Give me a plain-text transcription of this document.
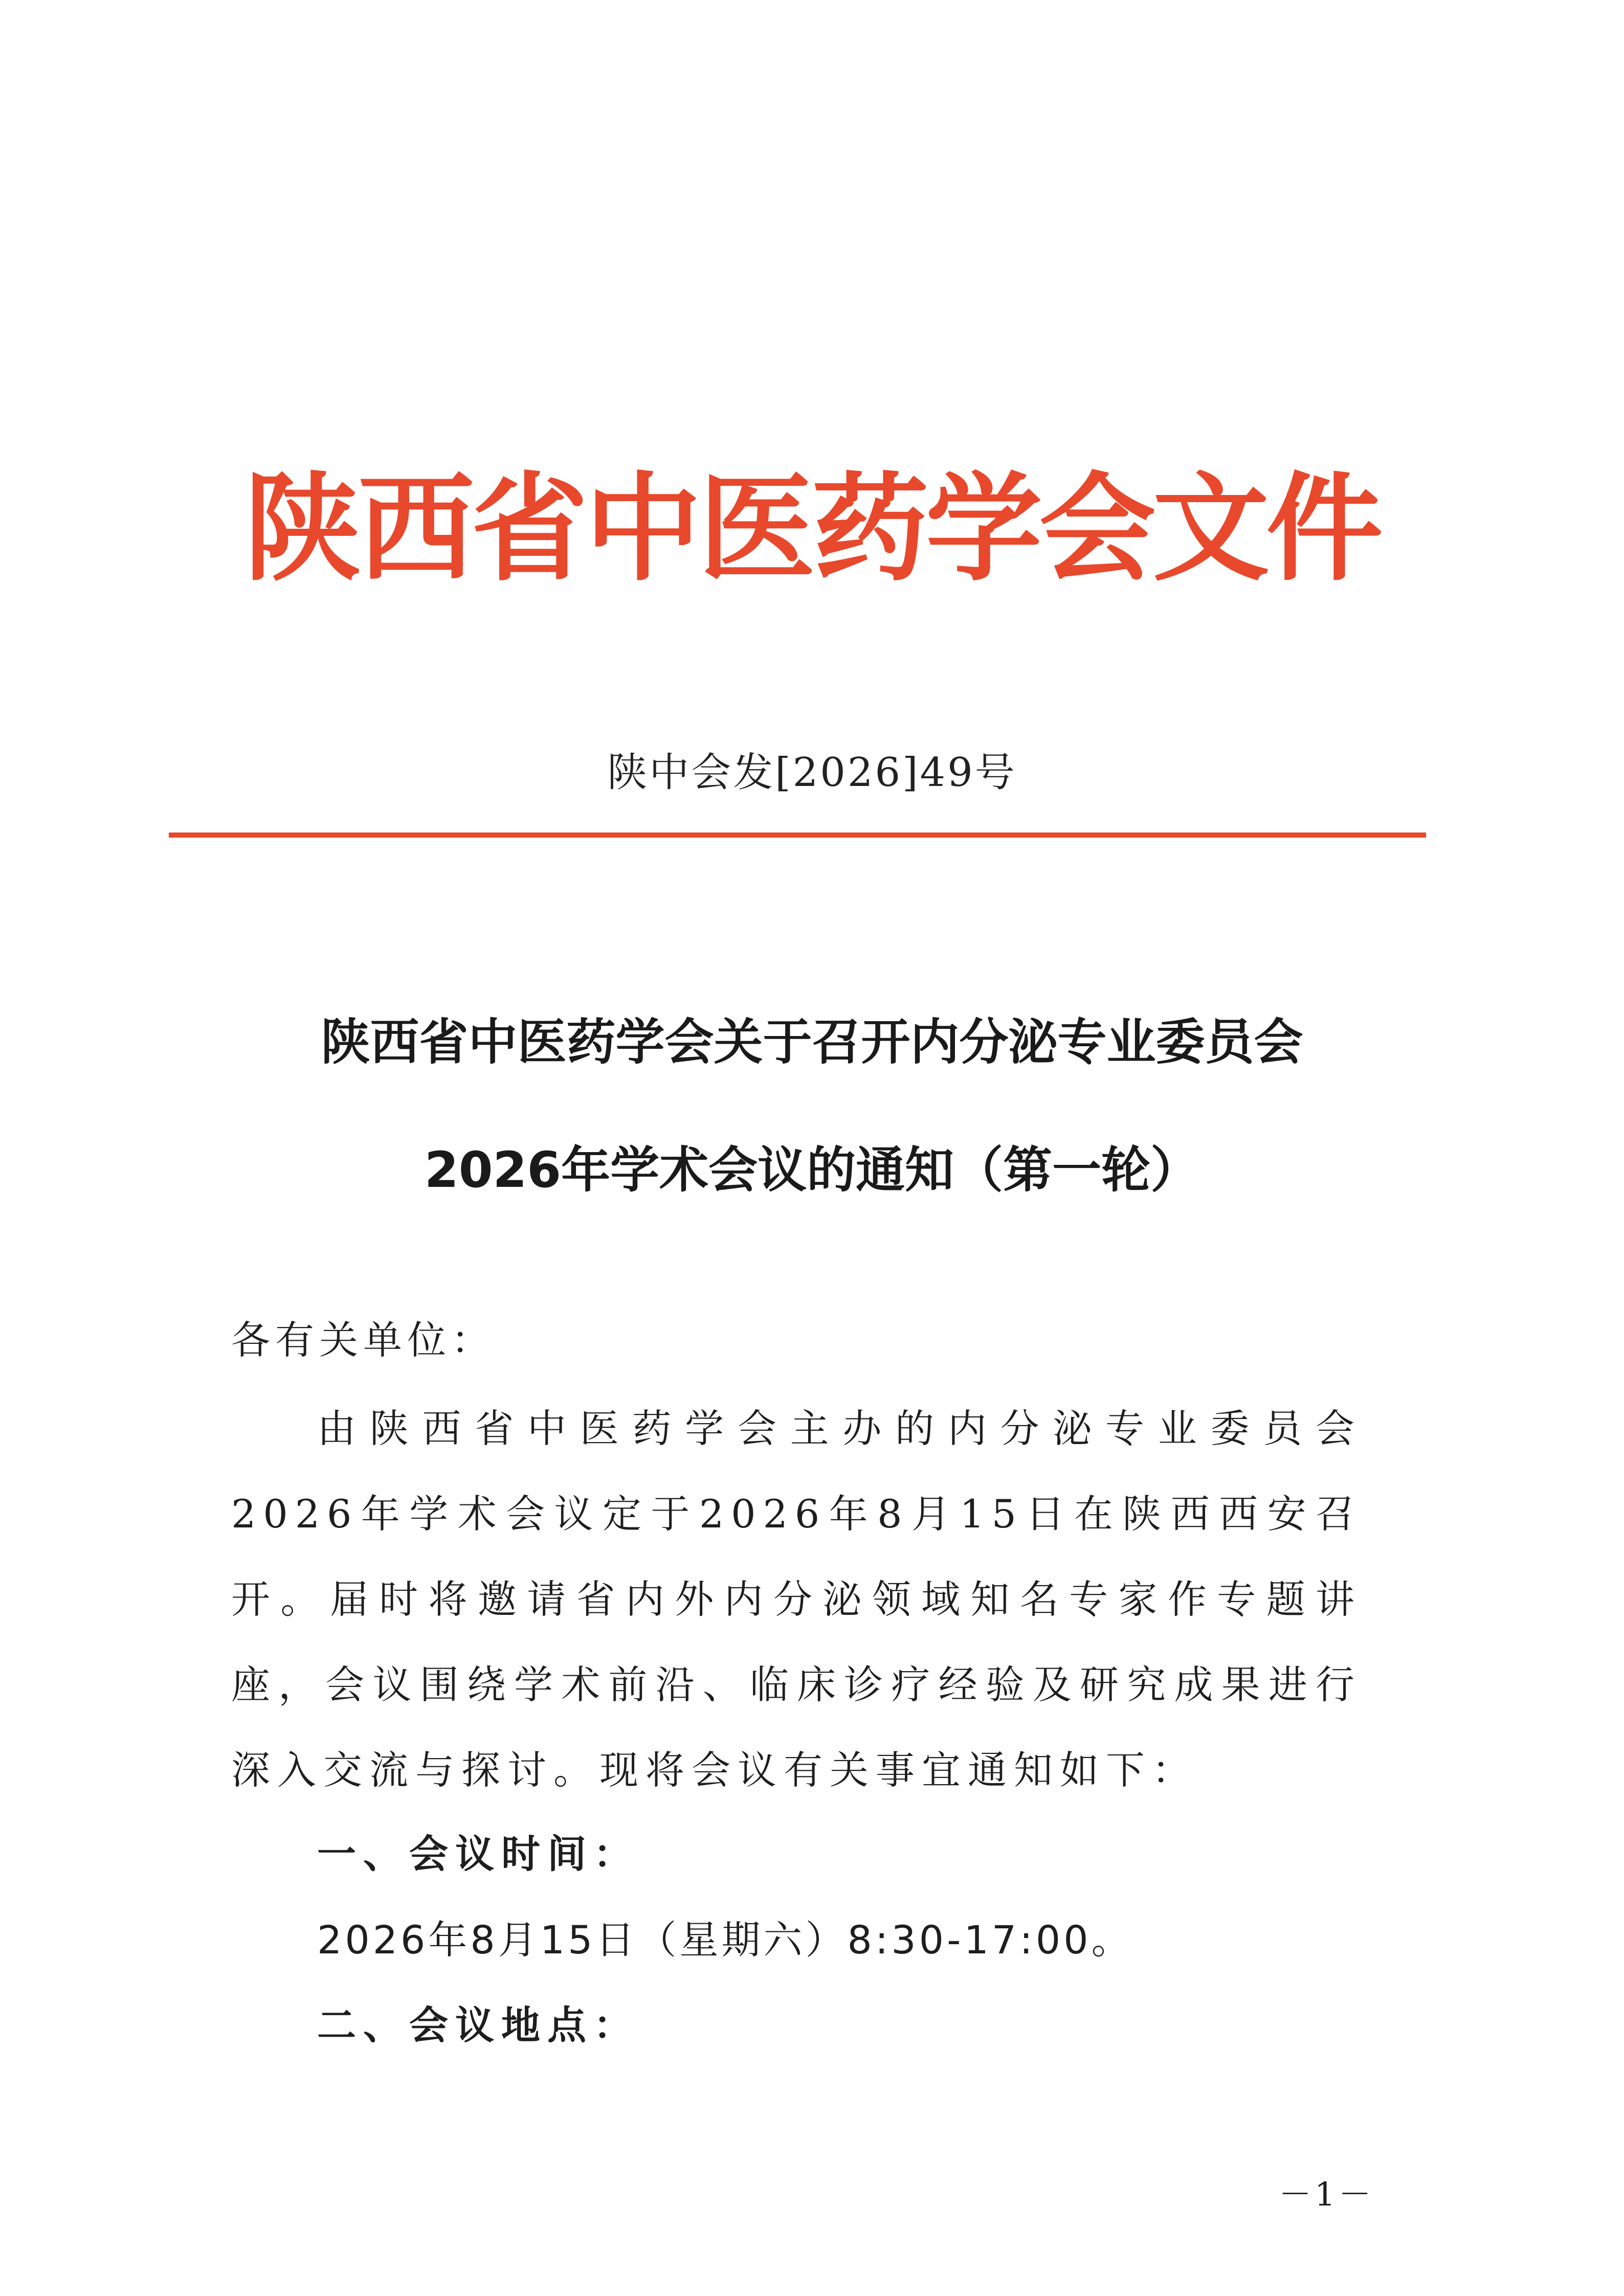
陕西省中医药学会文件
陕中会发[2026]49号
陕西省中医药学会关于召开内分泌专业委员会
2026年学术会议的通知（第一轮）
各有关单位：

由陕西省中医药学会主办的内分泌专业委员会2026年学术会议定于2026年8月15日在陕西西安召开。届时将邀请省内外内分泌领域知名专家作专题讲座，会议围绕学术前沿、临床诊疗经验及研究成果进行深入交流与探讨。现将会议有关事宜通知如下：

一、会议时间：
2026年8月15日（星期六）8:30-17:00。
二、会议地点：
－1－
